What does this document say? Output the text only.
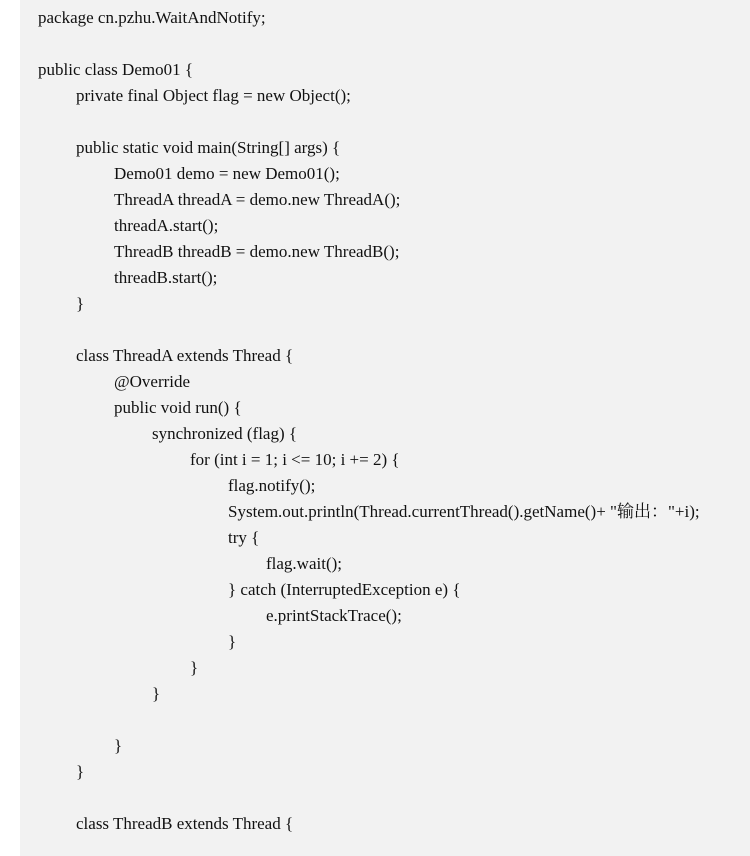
package cn.pzhu.WaitAndNotify;
public class Demo01 {
private final Object flag = new Object();
public static void main(String[] args) {
Demo01 demo = new Demo01();
ThreadA threadA = demo.new ThreadA();
threadA.start();
ThreadB threadB = demo.new ThreadB();
threadB.start();
}
class ThreadA extends Thread {
@Override
public void run() {
synchronized (flag) {
for (int i = 1; i <= 10; i += 2) {
flag.notify();
System.out.println(Thread.currentThread().getName()+ "输出："+i);
try {
flag.wait();
} catch (InterruptedException e) {
e.printStackTrace();
}
}
}
}
}
class ThreadB extends Thread {
